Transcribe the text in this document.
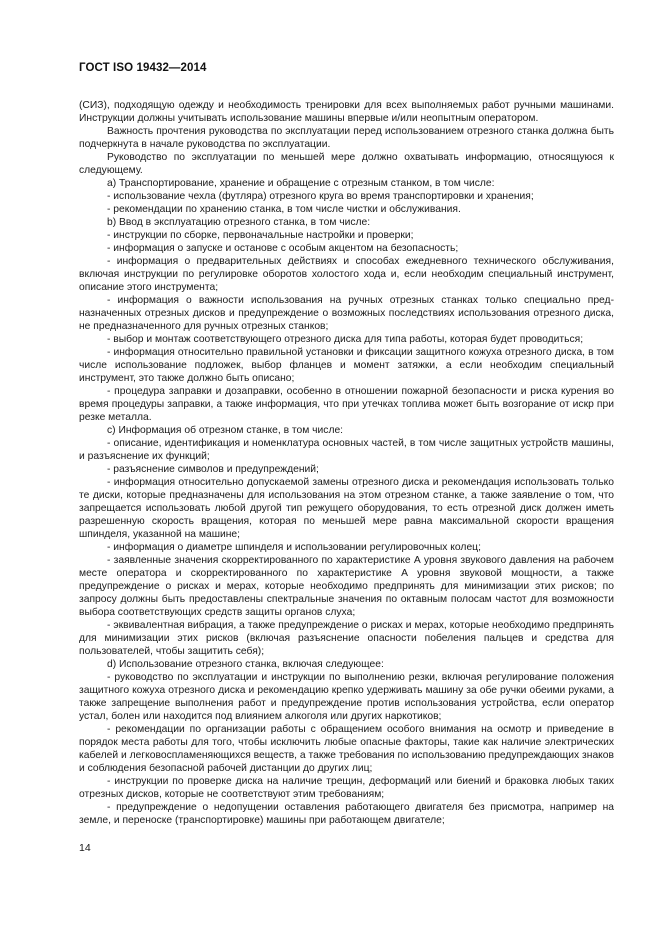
ГОСТ ISO 19432—2014

(СИЗ), подходящую одежду и необходимость тренировки для всех выполняемых работ ручными машинами. Инструкции должны учитывать использование машины впервые и/или неопытным оператором.

Важность прочтения руководства по эксплуатации перед использованием отрезного станка должна быть подчеркнута в начале руководства по эксплуатации.

Руководство по эксплуатации по меньшей мере должно охватывать информацию, относящуюся к следующему.

a) Транспортирование, хранение и обращение с отрезным станком, в том числе:

- использование чехла (футляра) отрезного круга во время транспортировки и хранения;

- рекомендации по хранению станка, в том числе чистки и обслуживания.

b) Ввод в эксплуатацию отрезного станка, в том числе:

- инструкции по сборке, первоначальные настройки и проверки;

- информация о запуске и останове с особым акцентом на безопасность;

- информация о предварительных действиях и способах ежедневного технического обслуживания, включая инструкции по регулировке оборотов холостого хода и, если необходим специальный инструмент, описание этого инструмента;

- информация о важности использования на ручных отрезных станках только специально предназначенных отрезных дисков и предупреждение о возможных последствиях использования отрезного диска, не предназначенного для ручных отрезных станков;

- выбор и монтаж соответствующего отрезного диска для типа работы, которая будет проводиться;

- информация относительно правильной установки и фиксации защитного кожуха отрезного диска, в том числе использование подложек, выбор фланцев и момент затяжки, а если необходим специальный инструмент, это также должно быть описано;

- процедура заправки и дозаправки, особенно в отношении пожарной безопасности и риска курения во время процедуры заправки, а также информация, что при утечках топлива может быть возгорание от искр при резке металла.

c) Информация об отрезном станке, в том числе:

- описание, идентификация и номенклатура основных частей, в том числе защитных устройств машины, и разъяснение их функций;

- разъяснение символов и предупреждений;

- информация относительно допускаемой замены отрезного диска и рекомендация использовать только те диски, которые предназначены для использования на этом отрезном станке, а также заявление о том, что запрещается использовать любой другой тип режущего оборудования, то есть отрезной диск должен иметь разрешенную скорость вращения, которая по меньшей мере равна максимальной скорости вращения шпинделя, указанной на машине;

- информация о диаметре шпинделя и использовании регулировочных колец;

- заявленные значения скорректированного по характеристике А уровня звукового давления на рабочем месте оператора и скорректированного по характеристике А уровня звуковой мощности, а также предупреждение о рисках и мерах, которые необходимо предпринять для минимизации этих рисков; по запросу должны быть предоставлены спектральные значения по октавным полосам частот для возможности выбора соответствующих средств защиты органов слуха;

- эквивалентная вибрация, а также предупреждение о рисках и мерах, которые необходимо предпринять для минимизации этих рисков (включая разъяснение опасности побеления пальцев и средства для пользователей, чтобы защитить себя);

d) Использование отрезного станка, включая следующее:

- руководство по эксплуатации и инструкции по выполнению резки, включая регулирование положения защитного кожуха отрезного диска и рекомендацию крепко удерживать машину за обе ручки обеими руками, а также запрещение выполнения работ и предупреждение против использования устройства, если оператор устал, болен или находится под влиянием алкоголя или других наркотиков;

- рекомендации по организации работы с обращением особого внимания на осмотр и приведение в порядок места работы для того, чтобы исключить любые опасные факторы, такие как наличие электрических кабелей и легковоспламеняющихся веществ, а также требования по использованию предупреждающих знаков и соблюдения безопасной рабочей дистанции до других лиц;

- инструкции по проверке диска на наличие трещин, деформаций или биений и браковка любых таких отрезных дисков, которые не соответствуют этим требованиям;

- предупреждение о недопущении оставления работающего двигателя без присмотра, например на земле, и переноске (транспортировке) машины при работающем двигателе;

14
